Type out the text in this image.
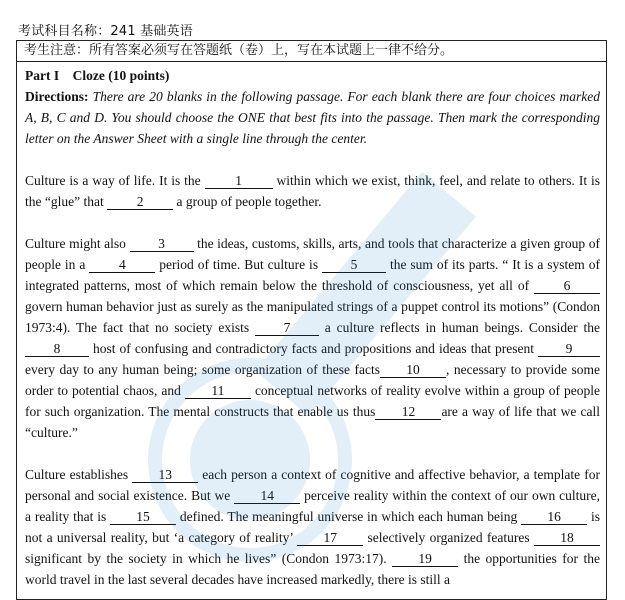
考试科目名称：241 基础英语
考生注意：所有答案必须写在答题纸（卷）上，写在本试题上一律不给分。
Part I    Cloze (10 points)

Directions: There are 20 blanks in the following passage. For each blank there are four choices marked A, B, C and D. You should choose the ONE that best fits into the passage. Then mark the corresponding letter on the Answer Sheet with a single line through the center.

Culture is a way of life. It is the 1 within which we exist, think, feel, and relate to others. It is the “glue” that 2 a group of people together.

Culture might also 3 the ideas, customs, skills, arts, and tools that characterize a given group of people in a 4 period of time. But culture is 5 the sum of its parts. “ It is a system of integrated patterns, most of which remain below the threshold of consciousness, yet all of 6 govern human behavior just as surely as the manipulated strings of a puppet control its motions” (Condon 1973:4). The fact that no society exists 7 a culture reflects in human beings. Consider the 8 host of confusing and contradictory facts and propositions and ideas that present 9 every day to any human being; some organization of these facts 10 , necessary to provide some order to potential chaos, and 11 conceptual networks of reality evolve within a group of people for such organization. The mental constructs that enable us thus 12 are a way of life that we call “culture.”

Culture establishes 13 each person a context of cognitive and affective behavior, a template for personal and social existence. But we 14 perceive reality within the context of our own culture, a reality that is 15 defined. The meaningful universe in which each human being 16 is not a universal reality, but ‘a category of reality’ 17 selectively organized features 18 significant by the society in which he lives” (Condon 1973:17). 19 the opportunities for the world travel in the last several decades have increased markedly, there is still a
